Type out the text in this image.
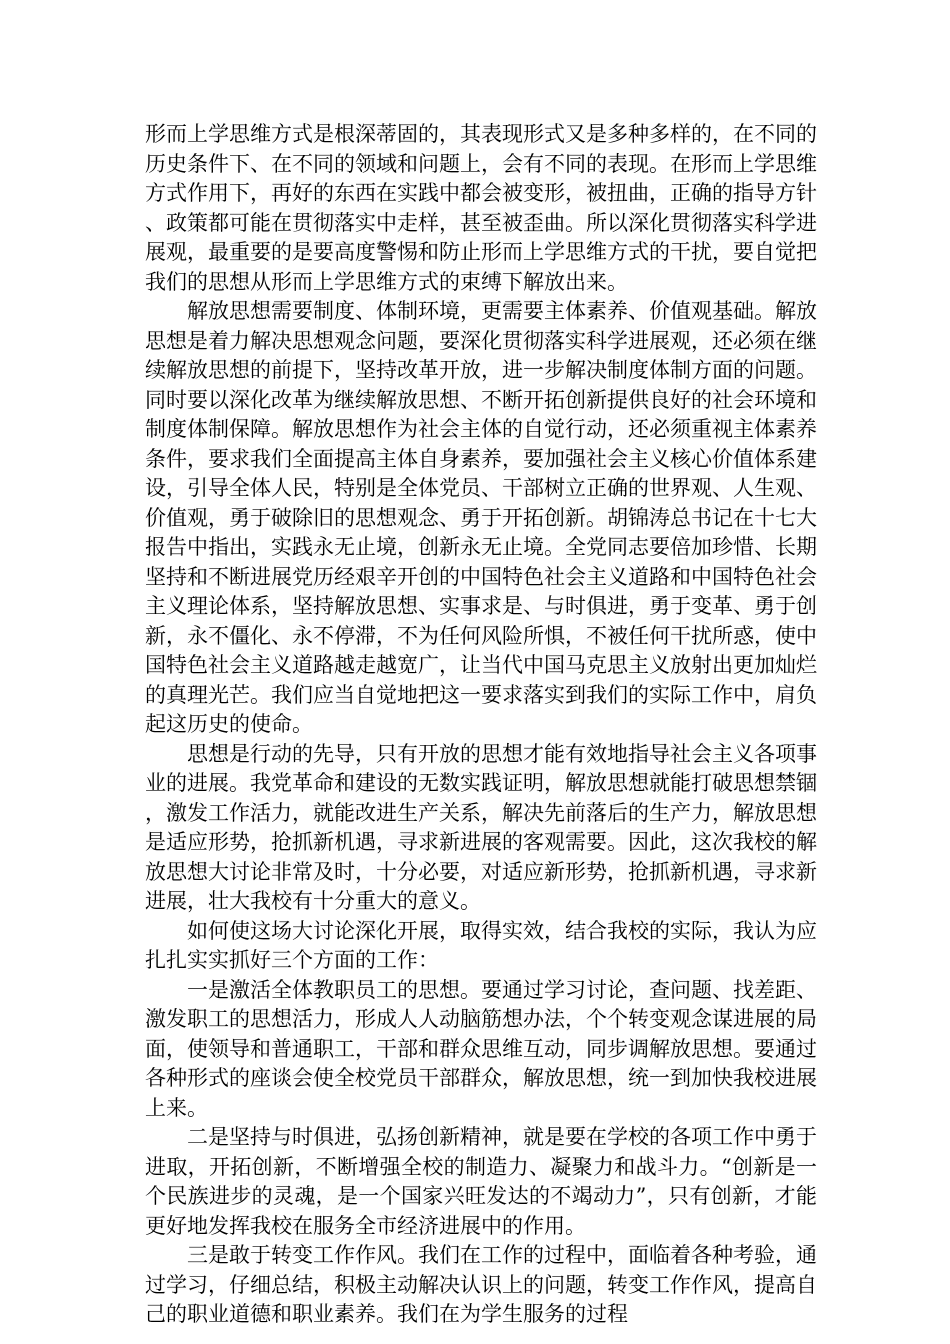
形而上学思维方式是根深蒂固的，其表现形式又是多种多样的，在不同的历史条件下、在不同的领域和问题上，会有不同的表现。在形而上学思维方式作用下，再好的东西在实践中都会被变形，被扭曲，正确的指导方针、政策都可能在贯彻落实中走样，甚至被歪曲。所以深化贯彻落实科学进展观，最重要的是要高度警惕和防止形而上学思维方式的干扰，要自觉把我们的思想从形而上学思维方式的束缚下解放出来。

解放思想需要制度、体制环境，更需要主体素养、价值观基础。解放思想是着力解决思想观念问题，要深化贯彻落实科学进展观，还必须在继续解放思想的前提下，坚持改革开放，进一步解决制度体制方面的问题。同时要以深化改革为继续解放思想、不断开拓创新提供良好的社会环境和制度体制保障。解放思想作为社会主体的自觉行动，还必须重视主体素养条件，要求我们全面提高主体自身素养，要加强社会主义核心价值体系建设，引导全体人民，特别是全体党员、干部树立正确的世界观、人生观、价值观，勇于破除旧的思想观念、勇于开拓创新。胡锦涛总书记在十七大报告中指出，实践永无止境，创新永无止境。全党同志要倍加珍惜、长期坚持和不断进展党历经艰辛开创的中国特色社会主义道路和中国特色社会主义理论体系，坚持解放思想、实事求是、与时俱进，勇于变革、勇于创新，永不僵化、永不停滞，不为任何风险所惧，不被任何干扰所惑，使中国特色社会主义道路越走越宽广，让当代中国马克思主义放射出更加灿烂的真理光芒。我们应当自觉地把这一要求落实到我们的实际工作中，肩负起这历史的使命。

思想是行动的先导，只有开放的思想才能有效地指导社会主义各项事业的进展。我党革命和建设的无数实践证明，解放思想就能打破思想禁锢，激发工作活力，就能改进生产关系，解决先前落后的生产力，解放思想是适应形势，抢抓新机遇，寻求新进展的客观需要。因此，这次我校的解放思想大讨论非常及时，十分必要，对适应新形势，抢抓新机遇，寻求新进展，壮大我校有十分重大的意义。

如何使这场大讨论深化开展，取得实效，结合我校的实际，我认为应扎扎实实抓好三个方面的工作：

一是激活全体教职员工的思想。要通过学习讨论，查问题、找差距、激发职工的思想活力，形成人人动脑筋想办法，个个转变观念谋进展的局面，使领导和普通职工，干部和群众思维互动，同步调解放思想。要通过各种形式的座谈会使全校党员干部群众，解放思想，统一到加快我校进展上来。

二是坚持与时俱进，弘扬创新精神，就是要在学校的各项工作中勇于进取，开拓创新，不断增强全校的制造力、凝聚力和战斗力。“创新是一个民族进步的灵魂，是一个国家兴旺发达的不竭动力”，只有创新，才能更好地发挥我校在服务全市经济进展中的作用。

三是敢于转变工作作风。我们在工作的过程中，面临着各种考验，通过学习，仔细总结，积极主动解决认识上的问题，转变工作作风，提高自己的职业道德和职业素养。我们在为学生服务的过程
